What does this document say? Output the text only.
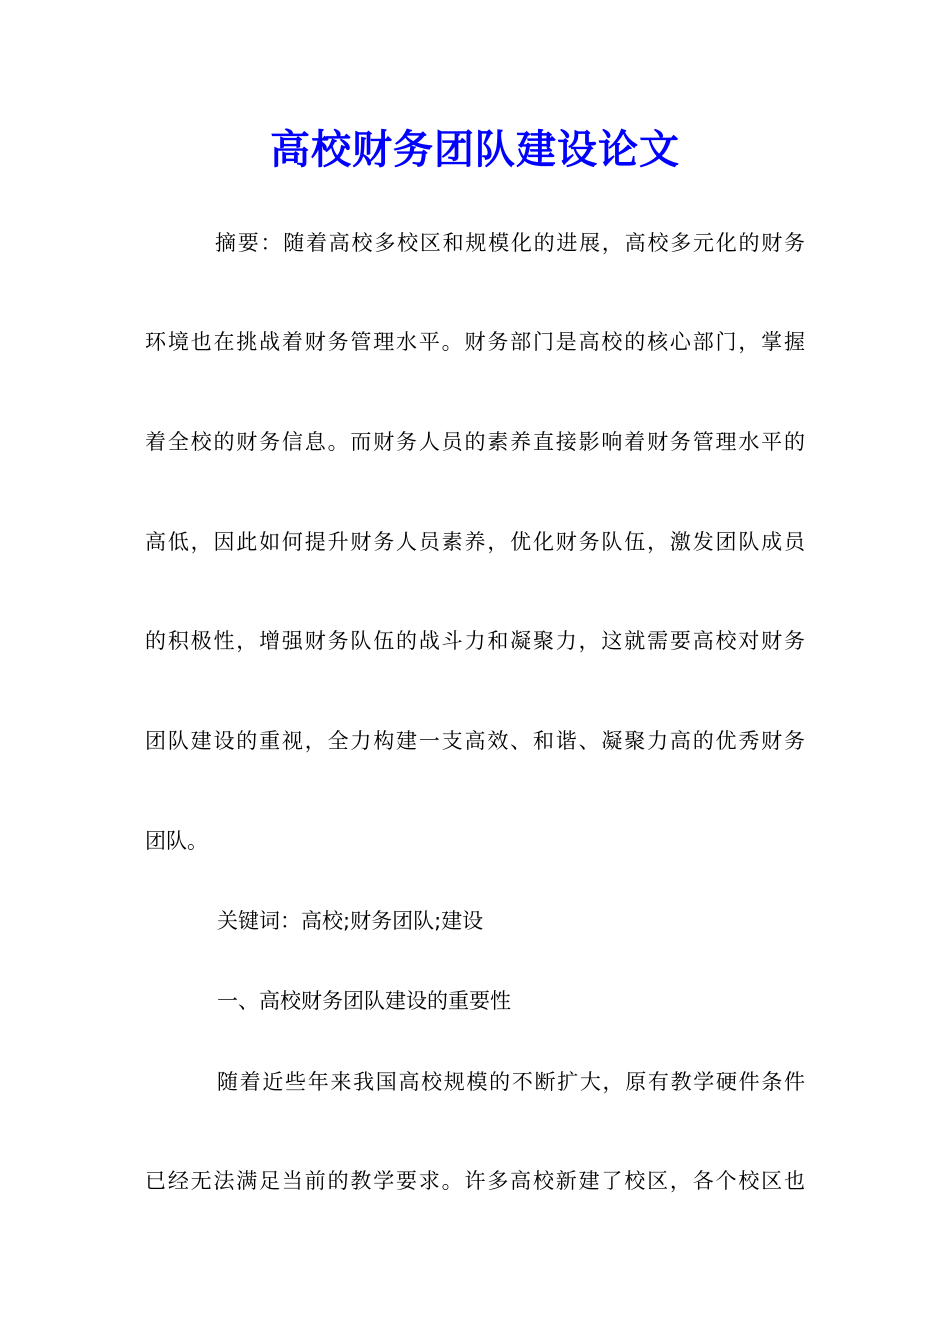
高校财务团队建设论文

摘要：随着高校多校区和规模化的进展，高校多元化的财务

环境也在挑战着财务管理水平。财务部门是高校的核心部门，掌握

着全校的财务信息。而财务人员的素养直接影响着财务管理水平的

高低，因此如何提升财务人员素养，优化财务队伍，激发团队成员

的积极性，增强财务队伍的战斗力和凝聚力，这就需要高校对财务

团队建设的重视，全力构建一支高效、和谐、凝聚力高的优秀财务

团队。

关键词：高校;财务团队;建设

一、高校财务团队建设的重要性

随着近些年来我国高校规模的不断扩大，原有教学硬件条件

已经无法满足当前的教学要求。许多高校新建了校区，各个校区也
